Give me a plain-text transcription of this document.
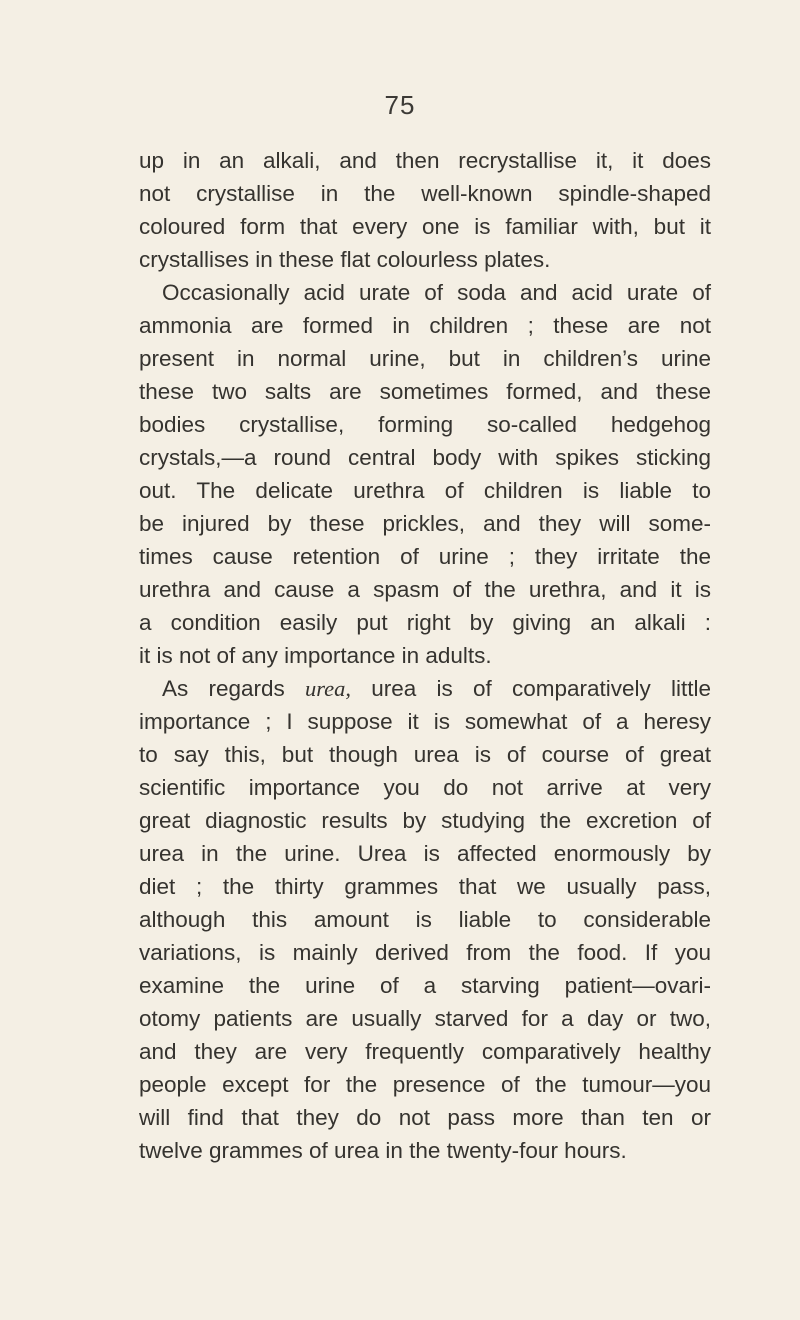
75
up in an alkali, and then recrystallise it, it does
not crystallise in the well-known spindle-shaped
coloured form that every one is familiar with, but it
crystallises in these flat colourless plates.
Occasionally acid urate of soda and acid urate of
ammonia are formed in children ; these are not
present in normal urine, but in children’s urine
these two salts are sometimes formed, and these
bodies crystallise, forming so-called hedgehog
crystals,—a round central body with spikes sticking
out. The delicate urethra of children is liable to
be injured by these prickles, and they will some-
times cause retention of urine ; they irritate the
urethra and cause a spasm of the urethra, and it is
a condition easily put right by giving an alkali :
it is not of any importance in adults.
As regards urea, urea is of comparatively little
importance ; I suppose it is somewhat of a heresy
to say this, but though urea is of course of great
scientific importance you do not arrive at very
great diagnostic results by studying the excretion of
urea in the urine. Urea is affected enormously by
diet ; the thirty grammes that we usually pass,
although this amount is liable to considerable
variations, is mainly derived from the food. If you
examine the urine of a starving patient—ovari-
otomy patients are usually starved for a day or two,
and they are very frequently comparatively healthy
people except for the presence of the tumour—you
will find that they do not pass more than ten or
twelve grammes of urea in the twenty-four hours.
